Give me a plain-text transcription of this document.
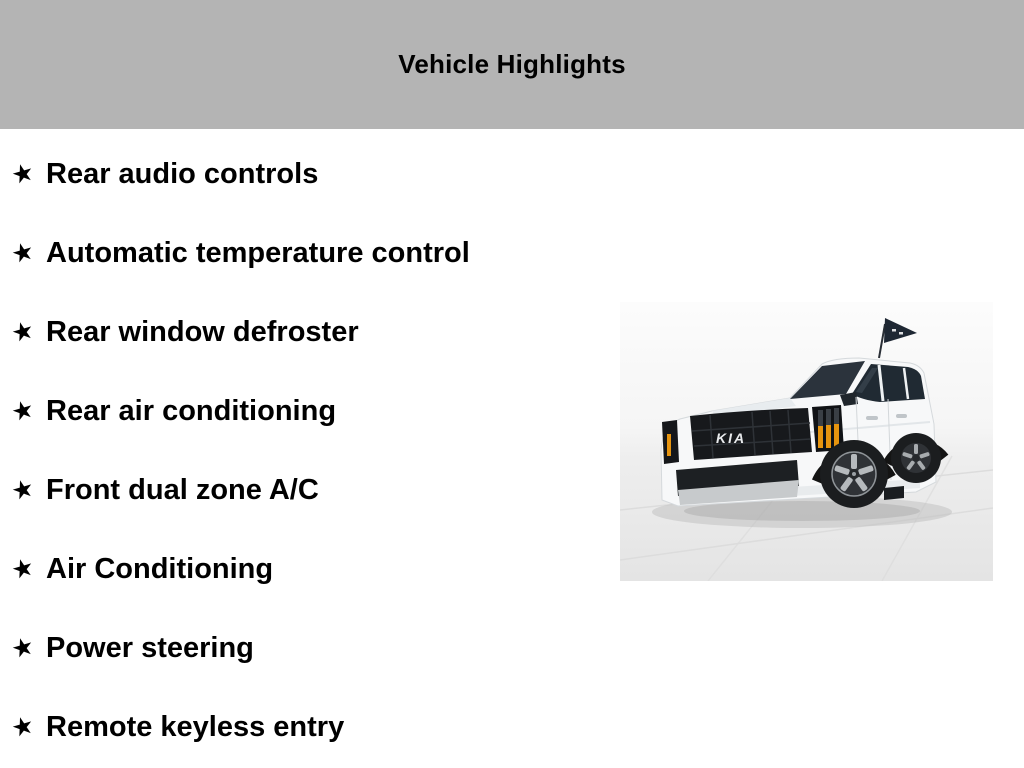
Vehicle Highlights
★ Rear audio controls
★ Automatic temperature control
★ Rear window defroster
★ Rear air conditioning
★ Front dual zone A/C
★ Air Conditioning
★ Power steering
★ Remote keyless entry
KIA
